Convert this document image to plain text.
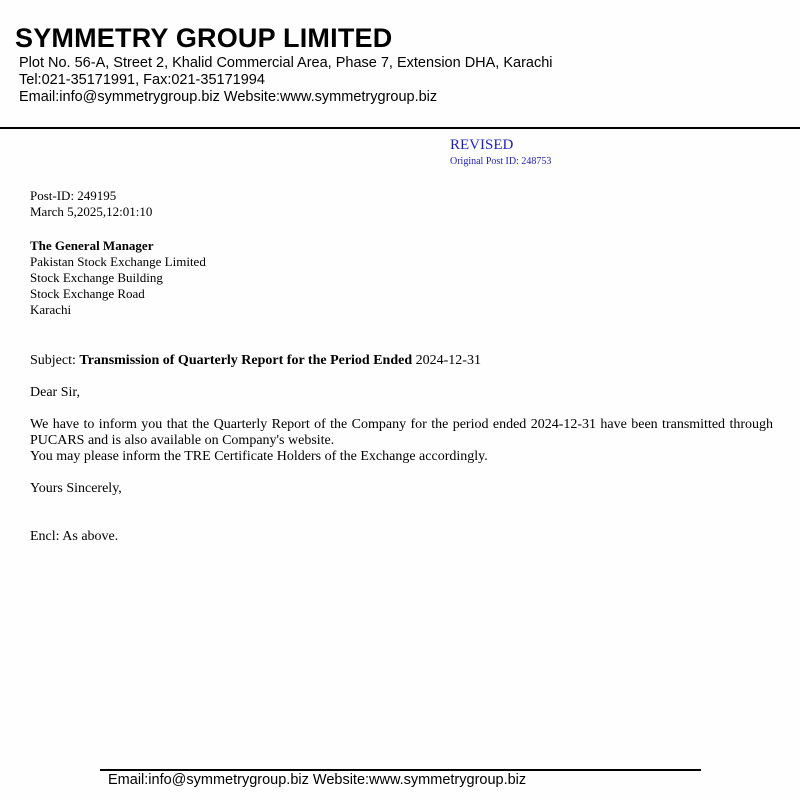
SYMMETRY GROUP LIMITED
Plot No. 56-A, Street 2, Khalid Commercial Area, Phase 7, Extension DHA, Karachi
Tel:021-35171991, Fax:021-35171994
Email:info@symmetrygroup.biz Website:www.symmetrygroup.biz
REVISED
Original Post ID: 248753
Post-ID: 249195
March 5,2025,12:01:10
The General Manager
Pakistan Stock Exchange Limited
Stock Exchange Building
Stock Exchange Road
Karachi
Subject: Transmission of Quarterly Report for the Period Ended 2024-12-31
Dear Sir,

We have to inform you that the Quarterly Report of the Company for the period ended 2024-12-31 have been transmitted through PUCARS and is also available on Company's website.

You may please inform the TRE Certificate Holders of the Exchange accordingly.
Yours Sincerely,
Encl: As above.
Email:info@symmetrygroup.biz Website:www.symmetrygroup.biz
